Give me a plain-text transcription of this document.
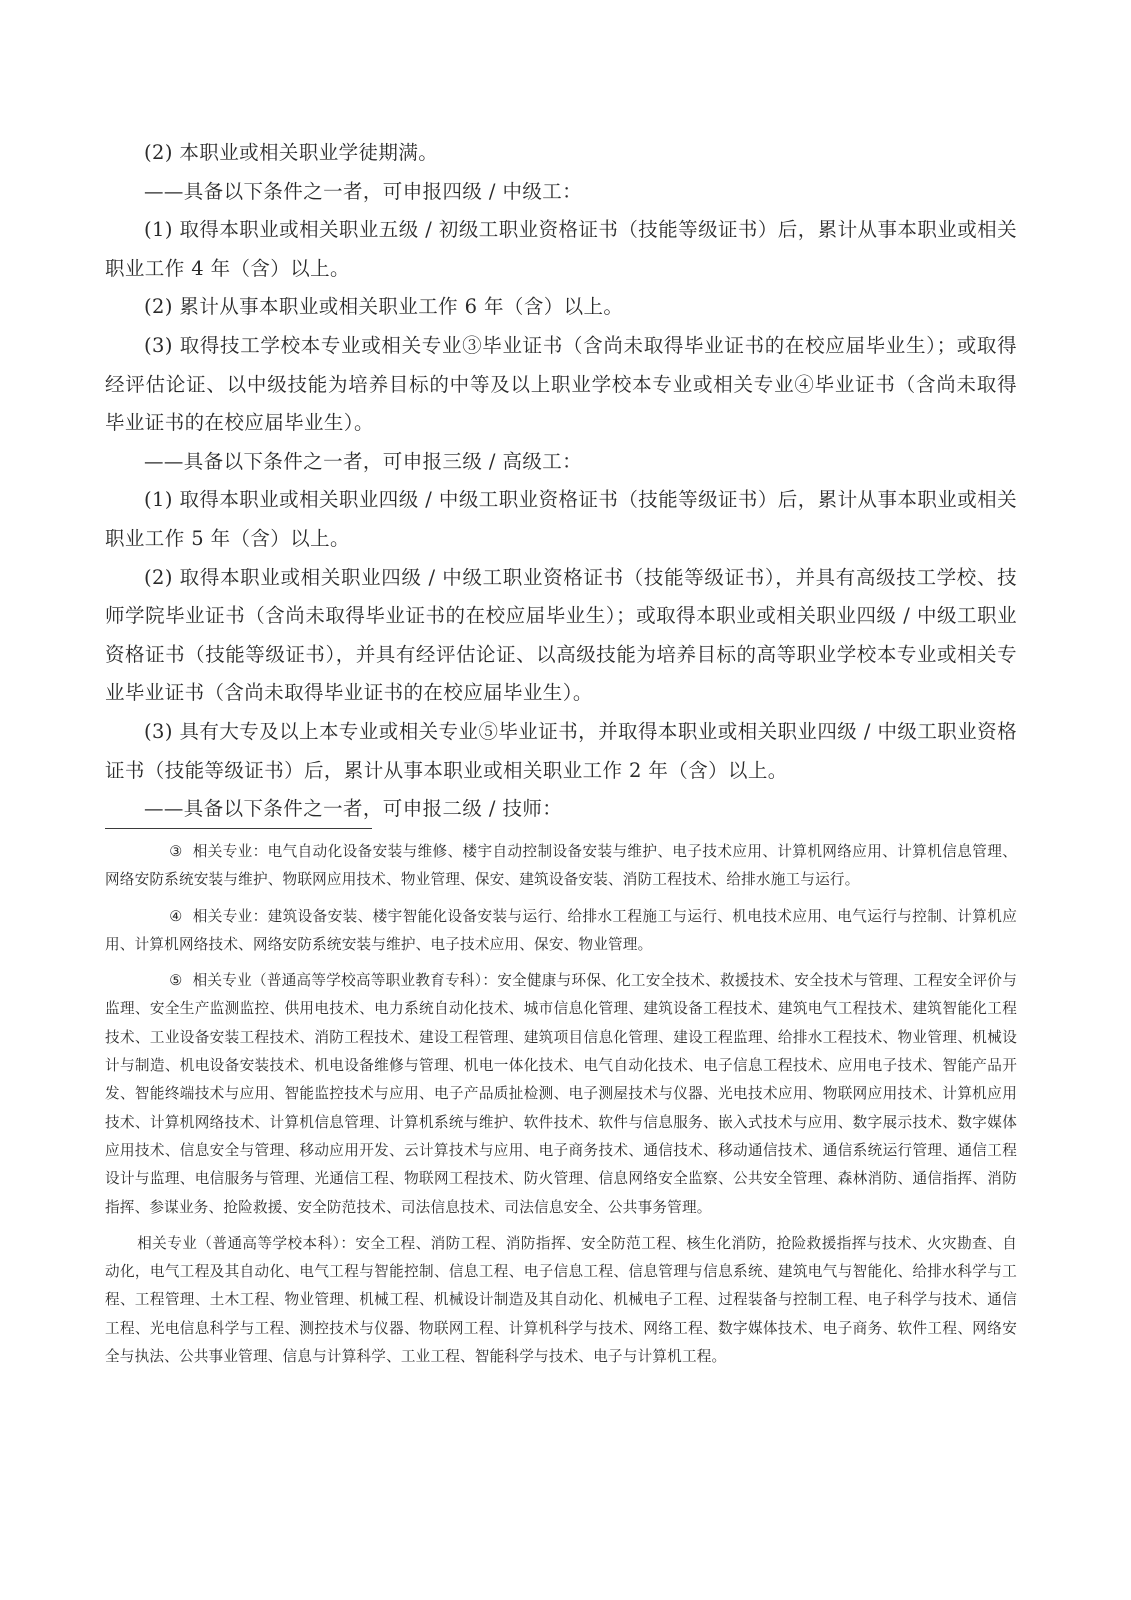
(2) 本职业或相关职业学徒期满。

——具备以下条件之一者，可申报四级 / 中级工：

(1) 取得本职业或相关职业五级 / 初级工职业资格证书（技能等级证书）后，累计从事本职业或相关职业工作 4 年（含）以上。

(2) 累计从事本职业或相关职业工作 6 年（含）以上。

(3) 取得技工学校本专业或相关专业③毕业证书（含尚未取得毕业证书的在校应届毕业生）；或取得经评估论证、以中级技能为培养目标的中等及以上职业学校本专业或相关专业④毕业证书（含尚未取得毕业证书的在校应届毕业生）。

——具备以下条件之一者，可申报三级 / 高级工：

(1) 取得本职业或相关职业四级 / 中级工职业资格证书（技能等级证书）后，累计从事本职业或相关职业工作 5 年（含）以上。

(2) 取得本职业或相关职业四级 / 中级工职业资格证书（技能等级证书），并具有高级技工学校、技师学院毕业证书（含尚未取得毕业证书的在校应届毕业生）；或取得本职业或相关职业四级 / 中级工职业资格证书（技能等级证书），并具有经评估论证、以高级技能为培养目标的高等职业学校本专业或相关专业毕业证书（含尚未取得毕业证书的在校应届毕业生）。

(3) 具有大专及以上本专业或相关专业⑤毕业证书，并取得本职业或相关职业四级 / 中级工职业资格证书（技能等级证书）后，累计从事本职业或相关职业工作 2 年（含）以上。

——具备以下条件之一者，可申报二级 / 技师：

③ 相关专业：电气自动化设备安装与维修、楼宇自动控制设备安装与维护、电子技术应用、计算机网络应用、计算机信息管理、网络安防系统安装与维护、物联网应用技术、物业管理、保安、建筑设备安装、消防工程技术、给排水施工与运行。

④ 相关专业：建筑设备安装、楼宇智能化设备安装与运行、给排水工程施工与运行、机电技术应用、电气运行与控制、计算机应用、计算机网络技术、网络安防系统安装与维护、电子技术应用、保安、物业管理。

⑤ 相关专业（普通高等学校高等职业教育专科）：安全健康与环保、化工安全技术、救援技术、安全技术与管理、工程安全评价与监理、安全生产监测监控、供用电技术、电力系统自动化技术、城市信息化管理、建筑设备工程技术、建筑电气工程技术、建筑智能化工程技术、工业设备安装工程技术、消防工程技术、建设工程管理、建筑项目信息化管理、建设工程监理、给排水工程技术、物业管理、机械设计与制造、机电设备安装技术、机电设备维修与管理、机电一体化技术、电气自动化技术、电子信息工程技术、应用电子技术、智能产品开发、智能终端技术与应用、智能监控技术与应用、电子产品质扯检测、电子测屋技术与仪器、光电技术应用、物联网应用技术、计算机应用技术、计算机网络技术、计算机信息管理、计算机系统与维护、软件技术、软件与信息服务、嵌入式技术与应用、数字展示技术、数字媒体应用技术、信息安全与管理、移动应用开发、云计算技术与应用、电子商务技术、通信技术、移动通信技术、通信系统运行管理、通信工程设计与监理、电信服务与管理、光通信工程、物联网工程技术、防火管理、信息网络安全监察、公共安全管理、森林消防、通信指挥、消防指挥、参谋业务、抢险救援、安全防范技术、司法信息技术、司法信息安全、公共事务管理。

相关专业（普通高等学校本科）：安全工程、消防工程、消防指挥、安全防范工程、核生化消防，抢险救援指挥与技术、火灾勘查、自动化，电气工程及其自动化、电气工程与智能控制、信息工程、电子信息工程、信息管理与信息系统、建筑电气与智能化、给排水科学与工程、工程管理、土木工程、物业管理、机械工程、机械设计制造及其自动化、机械电子工程、过程装备与控制工程、电子科学与技术、通信工程、光电信息科学与工程、测控技术与仪器、物联网工程、计算机科学与技术、网络工程、数字媒体技术、电子商务、软件工程、网络安全与执法、公共事业管理、信息与计算科学、工业工程、智能科学与技术、电子与计算机工程。
